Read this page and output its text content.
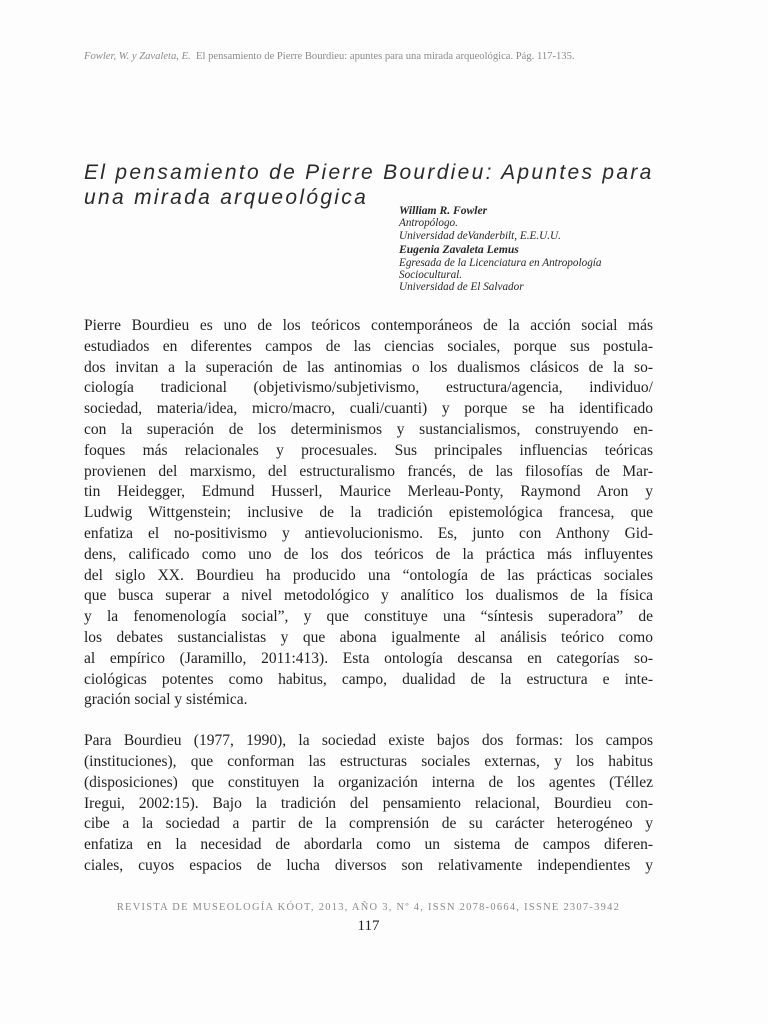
Fowler, W. y Zavaleta, E. El pensamiento de Pierre Bourdieu: apuntes para una mirada arqueológica. Pág. 117-135.
El pensamiento de Pierre Bourdieu: Apuntes para
una mirada arqueológica
William R. Fowler
Antropólogo.
Universidad deVanderbilt, E.E.U.U.
Eugenia Zavaleta Lemus
Egresada de la Licenciatura en Antropología
Sociocultural.
Universidad de El Salvador

Pierre Bourdieu es uno de los teóricos contemporáneos de la acción social más
estudiados en diferentes campos de las ciencias sociales, porque sus postula-
dos invitan a la superación de las antinomias o los dualismos clásicos de la so-
ciología tradicional (objetivismo/subjetivismo, estructura/agencia, individuo/
sociedad, materia/idea, micro/macro, cuali/cuanti) y porque se ha identificado
con la superación de los determinismos y sustancialismos, construyendo en-
foques más relacionales y procesuales. Sus principales influencias teóricas
provienen del marxismo, del estructuralismo francés, de las filosofías de Mar-
tin Heidegger, Edmund Husserl, Maurice Merleau-Ponty, Raymond Aron y
Ludwig Wittgenstein; inclusive de la tradición epistemológica francesa, que
enfatiza el no-positivismo y antievolucionismo. Es, junto con Anthony Gid-
dens, calificado como uno de los dos teóricos de la práctica más influyentes
del siglo XX. Bourdieu ha producido una “ontología de las prácticas sociales
que busca superar a nivel metodológico y analítico los dualismos de la física
y la fenomenología social”, y que constituye una “síntesis superadora” de
los debates sustancialistas y que abona igualmente al análisis teórico como
al empírico (Jaramillo, 2011:413). Esta ontología descansa en categorías so-
ciológicas potentes como habitus, campo, dualidad de la estructura e inte-
gración social y sistémica.

Para Bourdieu (1977, 1990), la sociedad existe bajos dos formas: los campos
(instituciones), que conforman las estructuras sociales externas, y los habitus
(disposiciones) que constituyen la organización interna de los agentes (Téllez
Iregui, 2002:15). Bajo la tradición del pensamiento relacional, Bourdieu con-
cibe a la sociedad a partir de la comprensión de su carácter heterogéneo y
enfatiza en la necesidad de abordarla como un sistema de campos diferen-
ciales, cuyos espacios de lucha diversos son relativamente independientes y

REVISTA DE MUSEOLOGÍA KÓOT, 2013, AÑO 3, Nº 4, ISSN 2078-0664, ISSNE 2307-3942
117
